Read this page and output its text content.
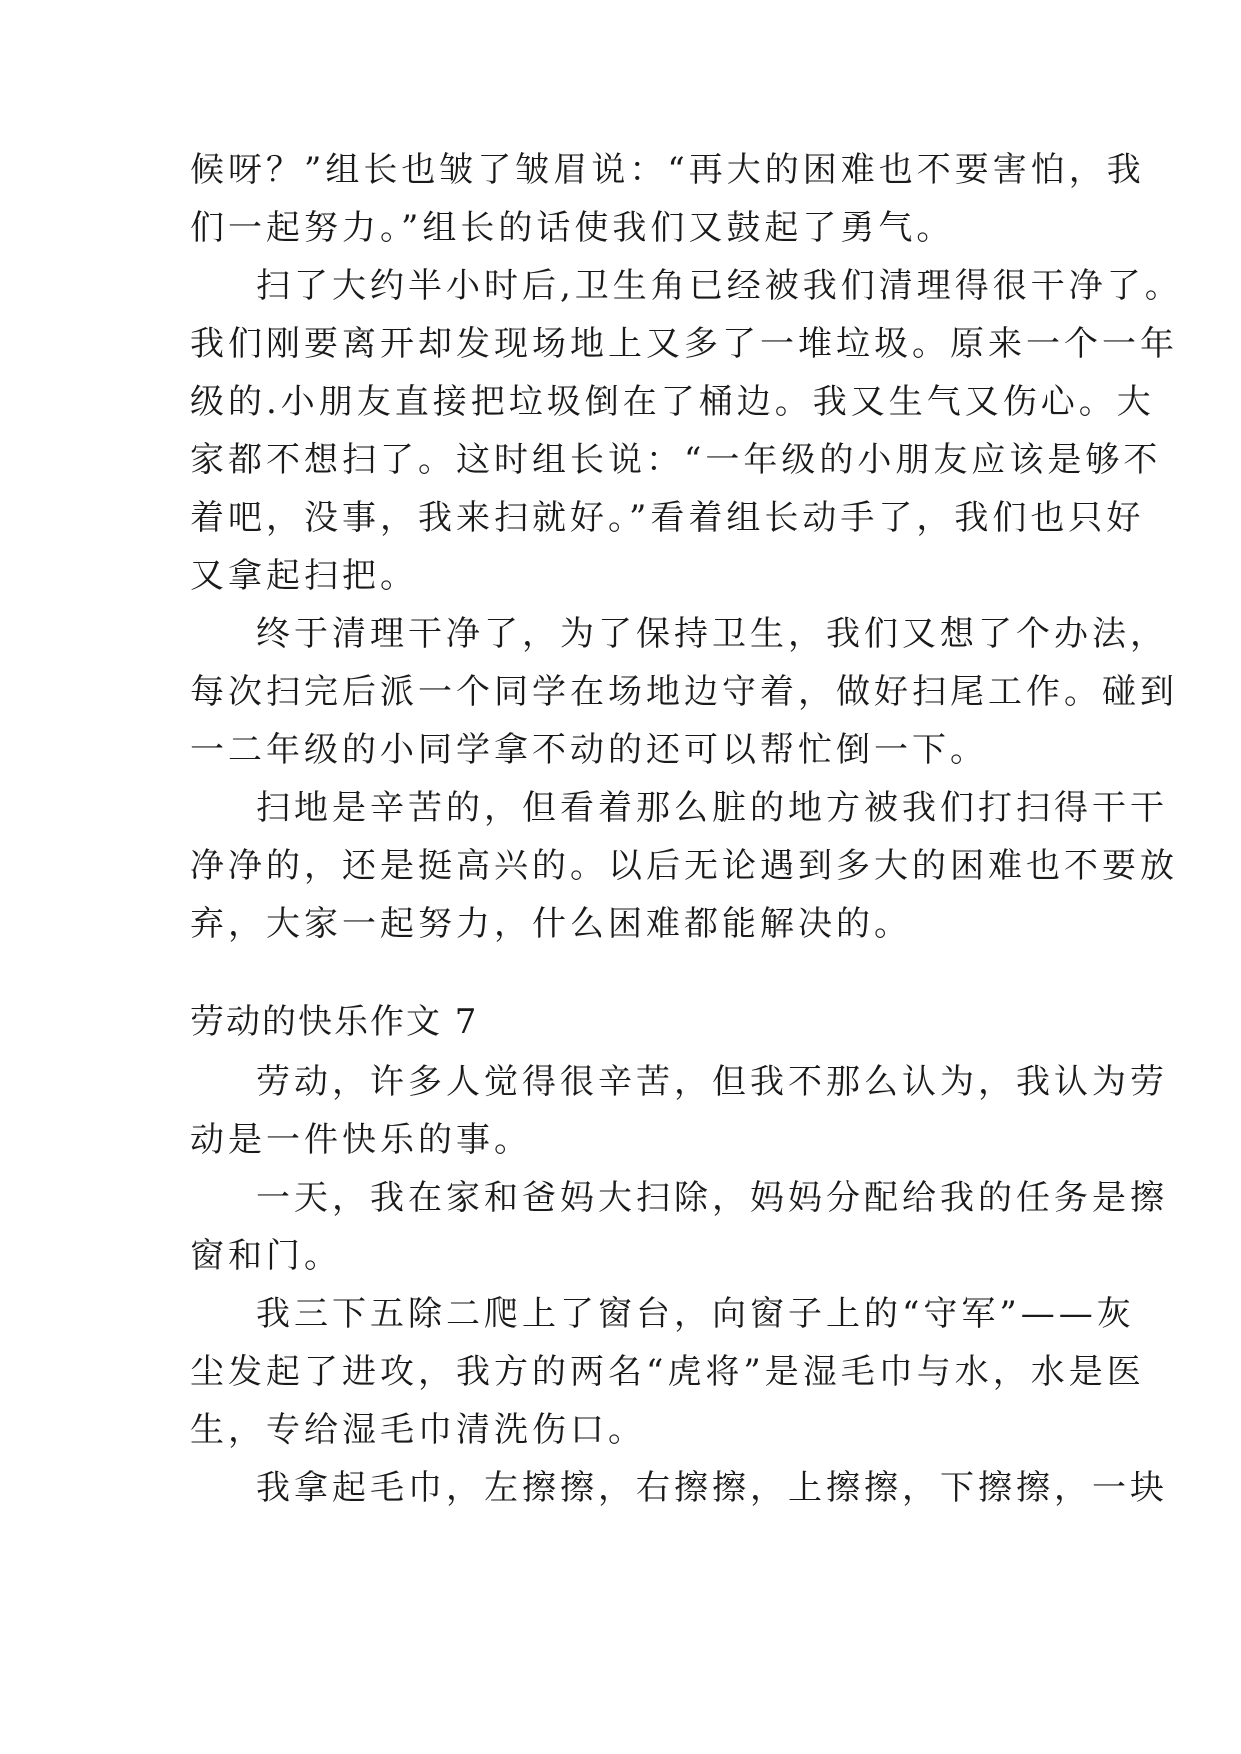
候呀？”组长也皱了皱眉说：“再大的困难也不要害怕，我
们一起努力。”组长的话使我们又鼓起了勇气。
扫了大约半小时后,卫生角已经被我们清理得很干净了。
我们刚要离开却发现场地上又多了一堆垃圾。原来一个一年
级的.小朋友直接把垃圾倒在了桶边。我又生气又伤心。大
家都不想扫了。这时组长说：“一年级的小朋友应该是够不
着吧，没事，我来扫就好。”看着组长动手了，我们也只好
又拿起扫把。
终于清理干净了，为了保持卫生，我们又想了个办法，
每次扫完后派一个同学在场地边守着，做好扫尾工作。碰到
一二年级的小同学拿不动的还可以帮忙倒一下。
扫地是辛苦的，但看着那么脏的地方被我们打扫得干干
净净的，还是挺高兴的。以后无论遇到多大的困难也不要放
弃，大家一起努力，什么困难都能解决的。
劳动的快乐作文 7
劳动，许多人觉得很辛苦，但我不那么认为，我认为劳
动是一件快乐的事。
一天，我在家和爸妈大扫除，妈妈分配给我的任务是擦
窗和门。
我三下五除二爬上了窗台，向窗子上的“守军”——灰
尘发起了进攻，我方的两名“虎将”是湿毛巾与水，水是医
生，专给湿毛巾清洗伤口。
我拿起毛巾，左擦擦，右擦擦，上擦擦，下擦擦，一块
